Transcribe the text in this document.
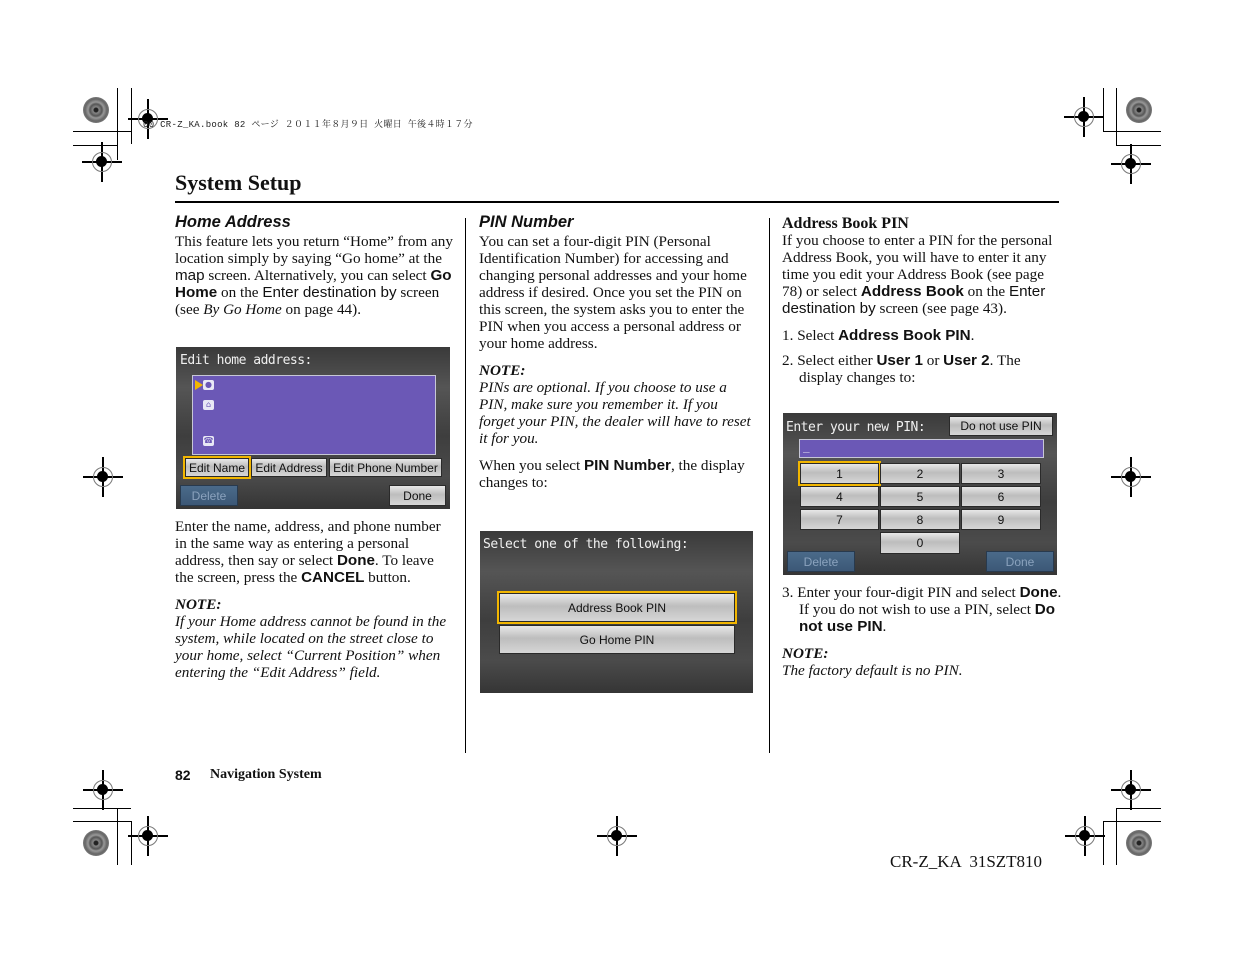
00 CR-Z_KA.book 82 ページ ２０１１年８月９日 火曜日 午後４時１７分
System Setup
Home Address

This feature lets you return “Home” from any location simply by saying “Go home” at the map screen. Alternatively, you can select Go Home on the Enter destination by screen (see By Go Home on page 44).

Edit home address:
●
⌂
☎
Edit Name Edit Address Edit Phone Number
Delete	Done

Enter the name, address, and phone number in the same way as entering a personal address, then say or select Done. To leave the screen, press the CANCEL button.

NOTE:
If your Home address cannot be found in the system, while located on the street close to your home, select “Current Position” when entering the “Edit Address” field.
PIN Number

You can set a four-digit PIN (Personal Identification Number) for accessing and changing personal addresses and your home address if desired. Once you set the PIN on this screen, the system asks you to enter the PIN when you access a personal address or your home address.

NOTE:

PINs are optional. If you choose to use a PIN, make sure you remember it. If you forget your PIN, the dealer will have to reset it for you.

When you select PIN Number, the display changes to:

Select one of the following:
Address Book PIN
Go Home PIN
Address Book PIN

If you choose to enter a PIN for the personal Address Book, you will have to enter it any time you edit your Address Book (see page 78) or select Address Book on the Enter destination by screen (see page 43).

1. Select Address Book PIN.

2. Select either User 1 or User 2. The display changes to:

Enter your new PIN:	Do not use PIN
_
1	2	3
4	5	6
7	8	9
0
Delete	Done

3. Enter your four-digit PIN and select Done. If you do not wish to use a PIN, select Do not use PIN.

NOTE:
The factory default is no PIN.
82 Navigation System
CR-Z_KA  31SZT810
